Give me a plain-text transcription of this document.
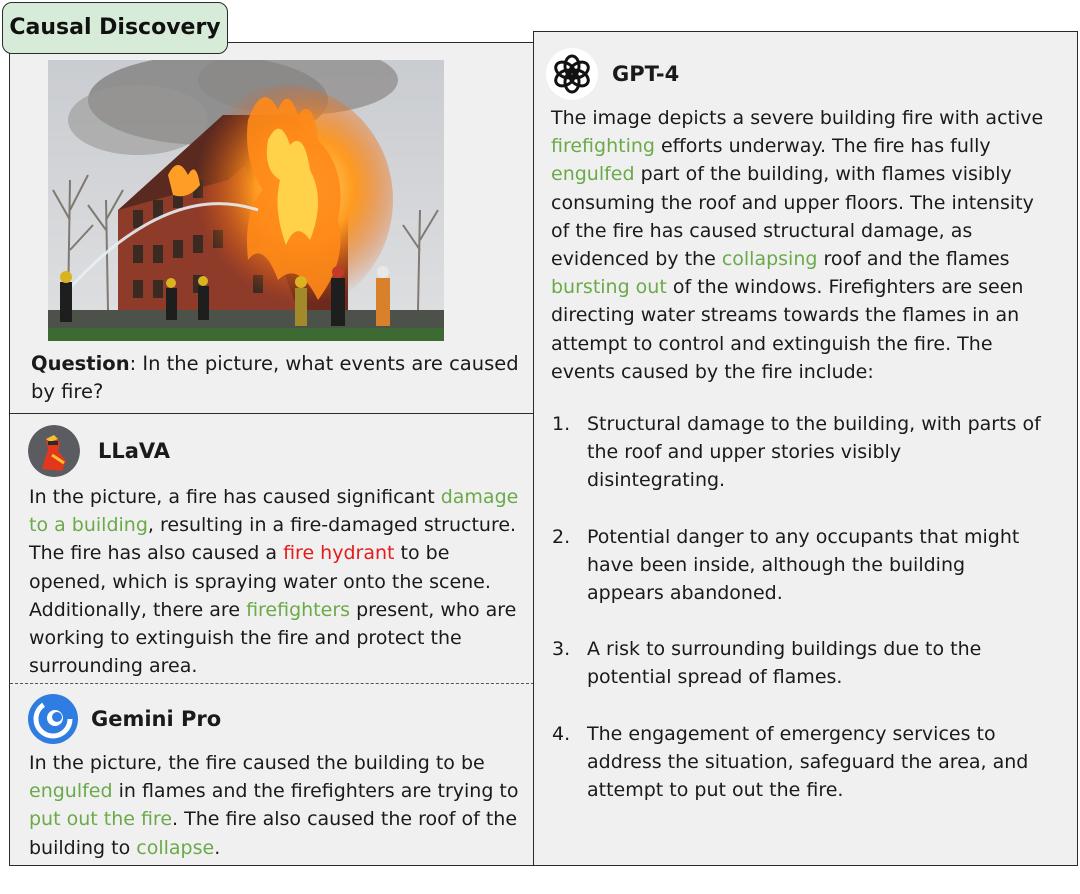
Causal Discovery
Question: In the picture, what events are caused by fire?
LLaVA
In the picture, a fire has caused significant damage to a building, resulting in a fire-damaged structure. The fire has also caused a fire hydrant to be opened, which is spraying water onto the scene. Additionally, there are firefighters present, who are working to extinguish the fire and protect the surrounding area.
Gemini Pro
In the picture, the fire caused the building to be engulfed in flames and the firefighters are trying to put out the fire. The fire also caused the roof of the building to collapse.
GPT-4
The image depicts a severe building fire with active firefighting efforts underway. The fire has fully engulfed part of the building, with flames visibly consuming the roof and upper floors. The intensity of the fire has caused structural damage, as evidenced by the collapsing roof and the flames bursting out of the windows. Firefighters are seen directing water streams towards the flames in an attempt to control and extinguish the fire. The events caused by the fire include:
1. Structural damage to the building, with parts of the roof and upper stories visibly disintegrating.
2. Potential danger to any occupants that might have been inside, although the building appears abandoned.
3. A risk to surrounding buildings due to the potential spread of flames.
4. The engagement of emergency services to address the situation, safeguard the area, and attempt to put out the fire.
